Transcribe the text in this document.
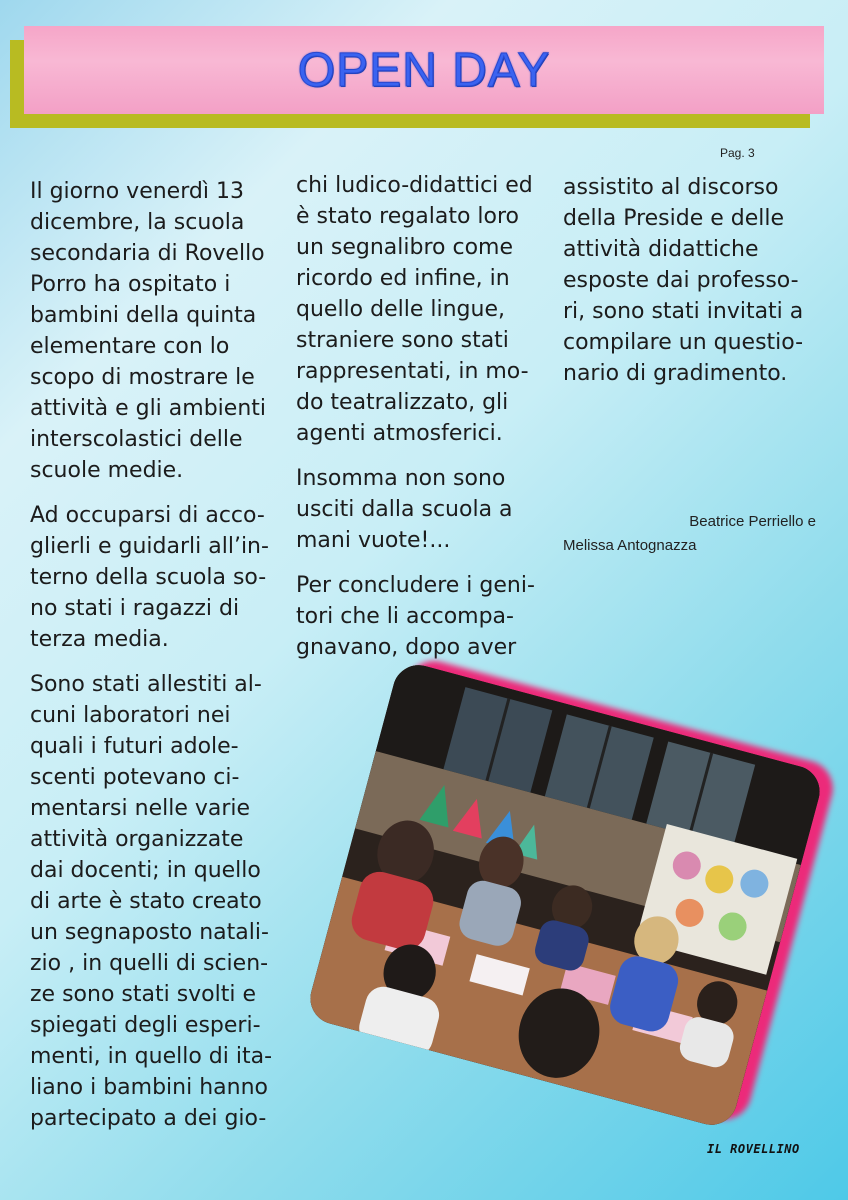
OPEN DAY
Pag. 3

Il giorno venerdì 13
dicembre, la scuola
secondaria di Rovello
Porro ha ospitato i
bambini della quinta
elementare con lo
scopo di mostrare le
attività e gli ambienti
interscolastici delle
scuole medie.

Ad occuparsi di acco-
glierli e guidarli all’in-
terno della scuola so-
no stati i ragazzi di
terza media.

Sono stati allestiti al-
cuni laboratori nei
quali i futuri adole-
scenti potevano ci-
mentarsi nelle varie
attività organizzate
dai docenti; in quello
di arte è stato creato
un segnaposto natali-
zio , in quelli di scien-
ze sono stati svolti e
spiegati degli esperi-
menti, in quello di ita-
liano i bambini hanno
partecipato a dei gio-

chi ludico-didattici ed
è stato regalato loro
un segnalibro come
ricordo ed infine, in
quello delle lingue,
straniere sono stati
rappresentati, in mo-
do teatralizzato, gli
agenti atmosferici.

Insomma non sono
usciti dalla scuola a
mani vuote!...

Per concludere i geni-
tori che li accompa-
gnavano, dopo aver

assistito al discorso
della Preside e delle
attività didattiche
esposte dai professo-
ri, sono stati invitati a
compilare un questio-
nario di gradimento.

Beatrice Perriello e
Melissa Antognazza
IL ROVELLINO
